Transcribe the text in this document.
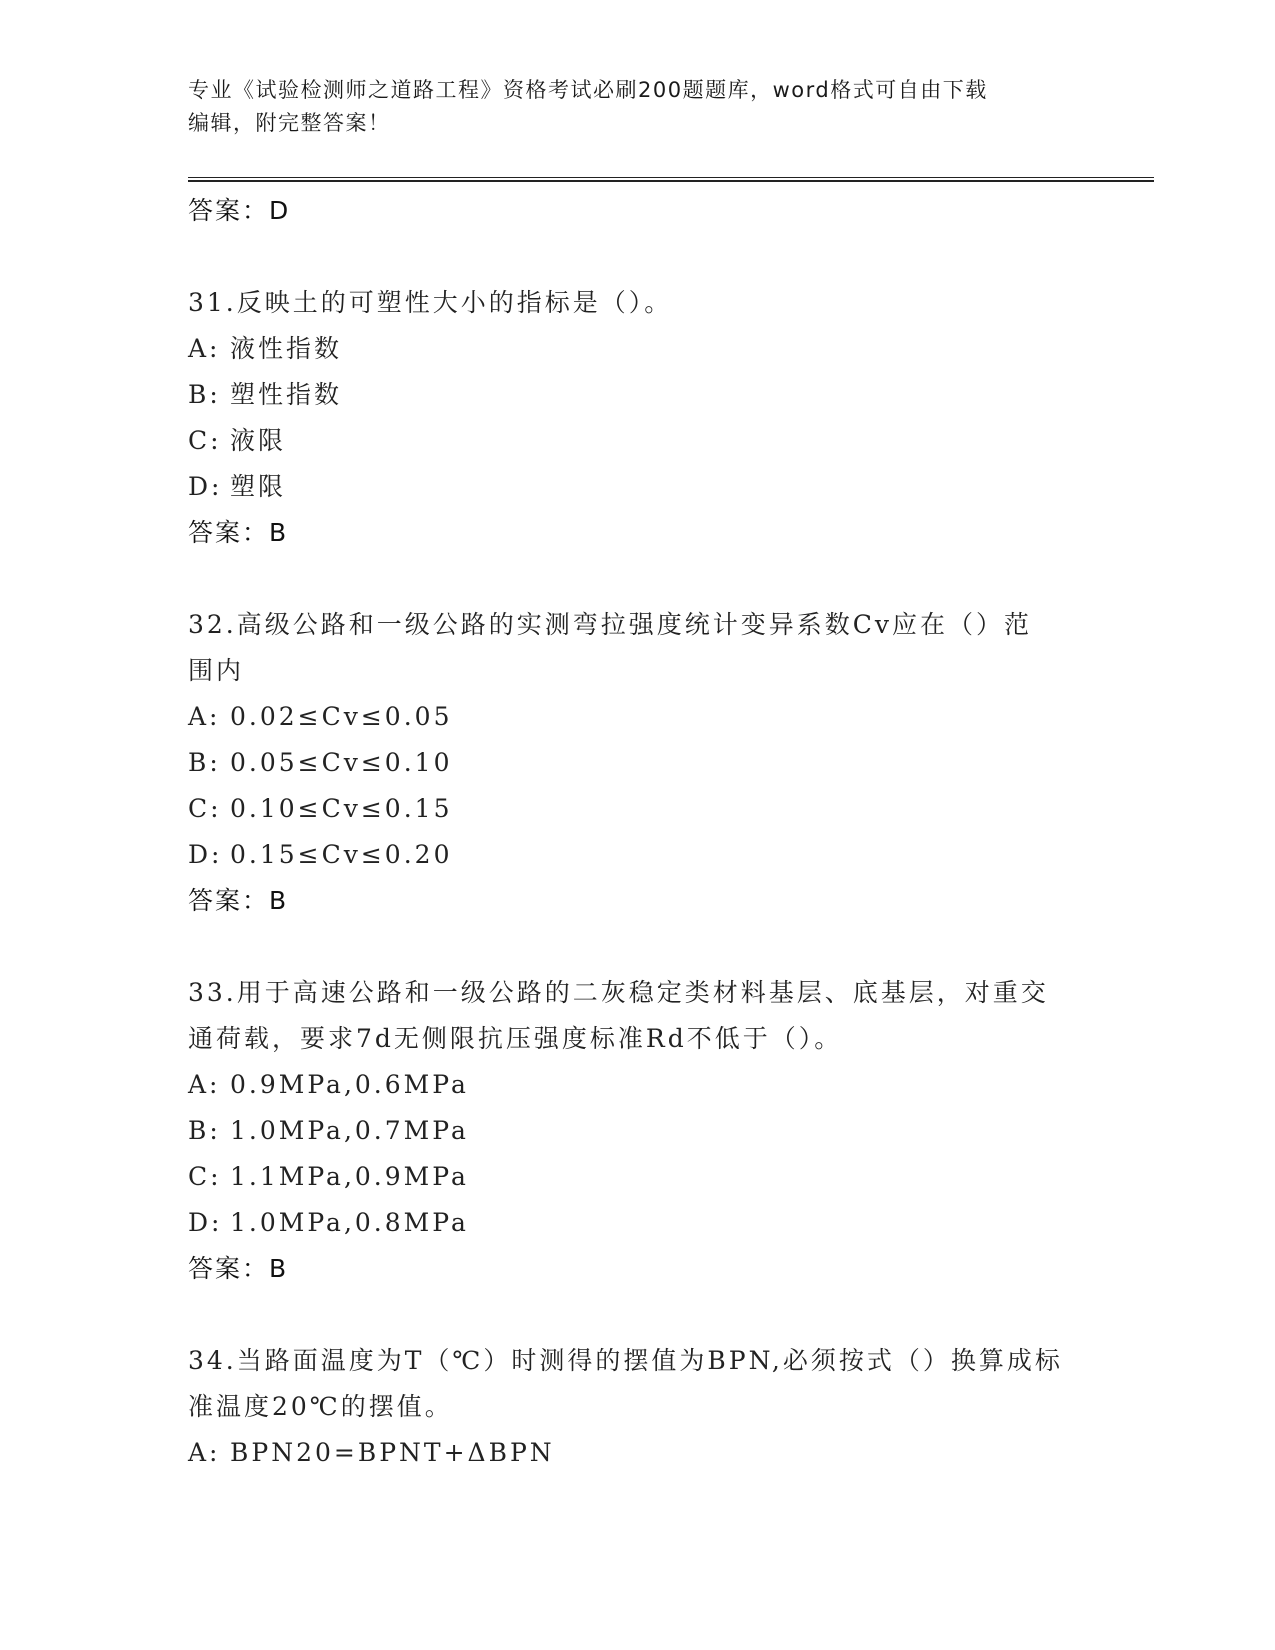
专业《试验检测师之道路工程》资格考试必刷200题题库，word格式可自由下载
编辑，附完整答案！
答案：D
31.反映土的可塑性大小的指标是（）。
A: 液性指数
B: 塑性指数
C: 液限
D: 塑限
答案：B
32.高级公路和一级公路的实测弯拉强度统计变异系数Cv应在（）范
围内
A: 0.02≤Cv≤0.05
B: 0.05≤Cv≤0.10
C: 0.10≤Cv≤0.15
D: 0.15≤Cv≤0.20
答案：B
33.用于高速公路和一级公路的二灰稳定类材料基层、底基层，对重交
通荷载，要求7d无侧限抗压强度标准Rd不低于（）。
A: 0.9MPa,0.6MPa
B: 1.0MPa,0.7MPa
C: 1.1MPa,0.9MPa
D: 1.0MPa,0.8MPa
答案：B
34.当路面温度为T（℃）时测得的摆值为BPN,必须按式（）换算成标
准温度20℃的摆值。
A: BPN20=BPNT+ΔBPN
